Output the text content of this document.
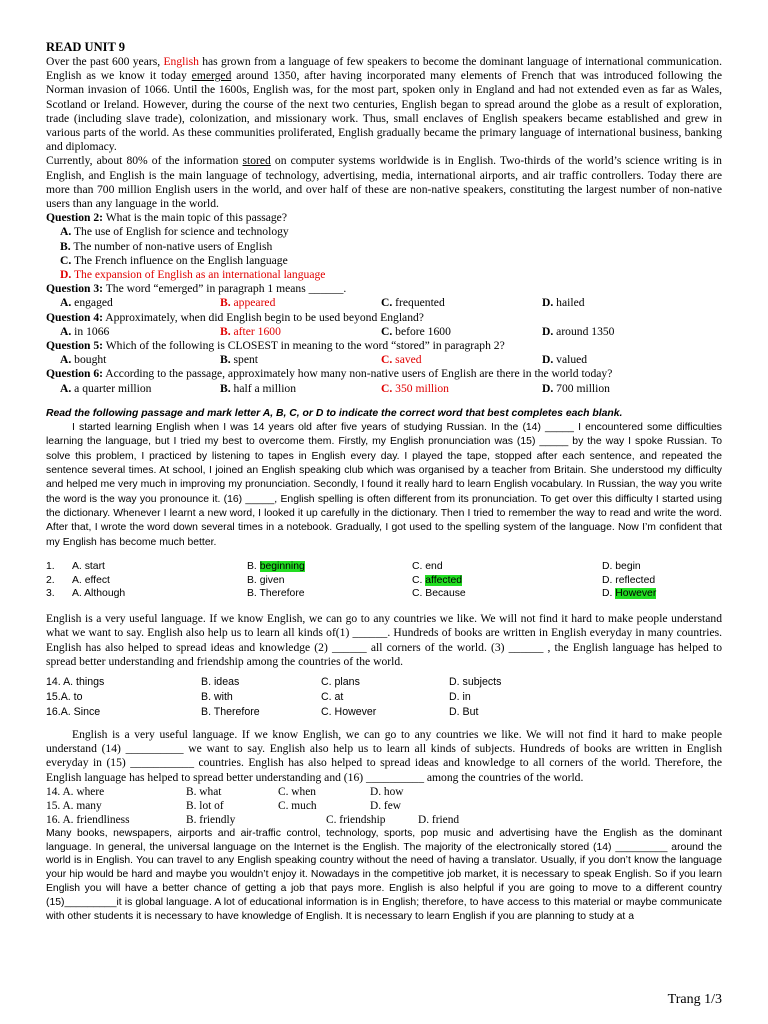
READ UNIT 9

Over the past 600 years, English has grown from a language of few speakers to become the dominant language of international communication. English as we know it today emerged around 1350, after having incorporated many elements of French that was introduced following the Norman invasion of 1066. Until the 1600s, English was, for the most part, spoken only in England and had not extended even as far as Wales, Scotland or Ireland. However, during the course of the next two centuries, English began to spread around the globe as a result of exploration, trade (including slave trade), colonization, and missionary work. Thus, small enclaves of English speakers became established and grew in various parts of the world. As these communities proliferated, English gradually became the primary language of international business, banking and diplomacy.

Currently, about 80% of the information stored on computer systems worldwide is in English. Two-thirds of the world’s science writing is in English, and English is the main language of technology, advertising, media, international airports, and air traffic controllers. Today there are more than 700 million English users in the world, and over half of these are non-native speakers, constituting the largest number of non-native users than any language in the world.

Question 2: What is the main topic of this passage?

A. The use of English for science and technology

B. The number of non-native users of English

C. The French influence on the English language

D. The expansion of English as an international language

Question 3: The word “emerged” in paragraph 1 means ______.

A. engaged	B. appeared	C. frequented	D. hailed

Question 4: Approximately, when did English begin to be used beyond England?

A. in 1066	B. after 1600	C. before 1600	D. around 1350

Question 5: Which of the following is CLOSEST in meaning to the word “stored” in paragraph 2?

A. bought	B. spent	C. saved	D. valued

Question 6: According to the passage, approximately how many non-native users of English are there in the world today?

A. a quarter million	B. half a million	C. 350 million	D. 700 million

Read the following passage and mark letter A, B, C, or D to indicate the correct word that best completes each blank.

I started learning English when I was 14 years old after five years of studying Russian. In the (14) _____ I encountered some difficulties learning the language, but I tried my best to overcome them. Firstly, my English pronunciation was (15) _____ by the way I spoke Russian. To solve this problem, I practiced by listening to tapes in English every day. I played the tape, stopped after each sentence, and repeated the sentence several times. At school, I joined an English speaking club which was organised by a teacher from Britain. She understood my difficulty and helped me very much in improving my pronunciation. Secondly, I found it really hard to learn English vocabulary. In Russian, the way you write the word is the way you pronounce it. (16) _____, English spelling is often different from its pronunciation. To get over this difficulty I started using the dictionary. Whenever I learnt a new word, I looked it up carefully in the dictionary. Then I tried to remember the way to read and write the word. After that, I wrote the word down several times in a notebook. Gradually, I got used to the spelling system of the language. Now I’m confident that my English has become much better.

1.	A. start	B. beginning	C. end	D. begin
2.	A. effect	B. given	C. affected	D. reflected
3.	A. Although	B. Therefore	C. Because	D. However

English is a very useful language. If we know English, we can go to any countries we like. We will not find it hard to make people understand what we want to say. English also help us to learn all kinds of(1) ______. Hundreds of books are written in English everyday in many countries. English has also helped to spread ideas and knowledge (2) ______ all corners of the world. (3) ______ , the English language has helped to spread better understanding and friendship among the countries of the world.

14. A. things	B. ideas	C. plans	D. subjects
15.A. to	B. with	C. at	D. in
16.A. Since	B. Therefore	C. However	D. But

English is a very useful language. If we know English, we can go to any countries we like. We will not find it hard to make people understand (14) __________ we want to say. English also help us to learn all kinds of subjects. Hundreds of books are written in English everyday in (15) ___________ countries. English has also helped to spread ideas and knowledge to all corners of the world. Therefore, the English language has helped to spread better understanding and (16) __________ among the countries of the world.

14. A. where	B. what	C. when	D. how
15. A. many	B. lot of	C. much	D. few
16. A. friendliness	B. friendly	C. friendship	D. friend

Many books, newspapers, airports and air-traffic control, technology, sports, pop music and advertising have the English as the dominant language. In general, the universal language on the Internet is the English. The majority of the electronically stored (14) _________ around the world is in English. You can travel to any English speaking country without the need of having a translator. Usually, if you don’t know the language your hip would be hard and maybe you wouldn’t enjoy it. Nowadays in the competitive job market, it is necessary to speak English. So if you learn English you will have a better chance of getting a job that pays more. English is also helpful if you are going to move to a different country (15)_________it is global language. A lot of educational information is in English; therefore, to have access to this material or maybe communicate with other students it is necessary to have knowledge of English. It is necessary to learn English if you are planning to study at a

Trang 1/3
